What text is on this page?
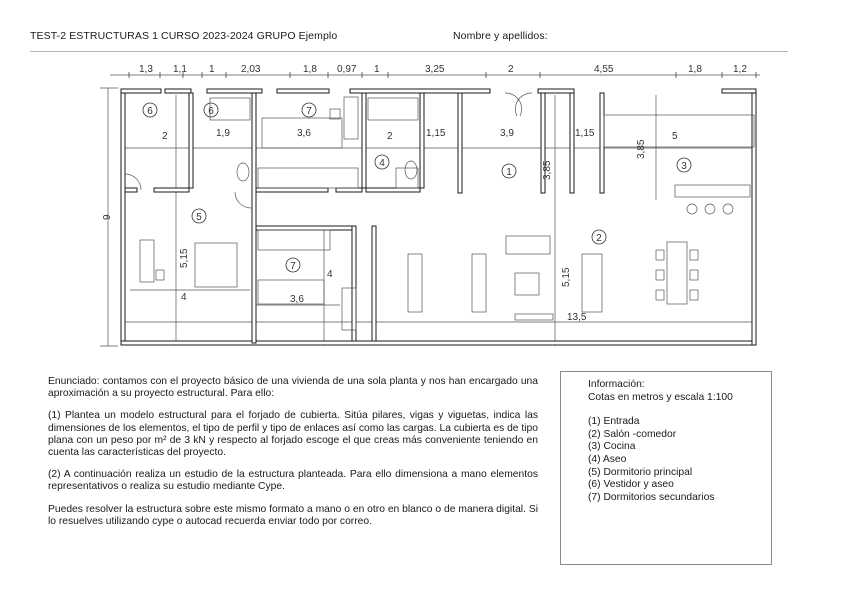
TEST-2 ESTRUCTURAS 1 CURSO 2023-2024 GRUPO Ejemplo	Nombre y apellidos:
1,3 1,1 1	2,03	1,8 0,97 1	3,25	2	4,55	1,8	1,2
9
13,5
2	1,9	3,6	2	1,15	3,9	1,15	5
3,85
3,85
5,15
4	3,6
4	5,15
6	6	7
4
1
3
5
2
7

Enunciado: contamos con el proyecto básico de una vivienda de una sola planta y nos han encargado una aproximación a su proyecto estructural. Para ello:

(1) Plantea un modelo estructural para el forjado de cubierta. Sitúa pilares, vigas y viguetas, indica las dimensiones de los elementos, el tipo de perfil y tipo de enlaces así como las cargas. La cubierta es de tipo plana con un peso por m² de 3 kN y respecto al forjado escoge el que creas más conveniente teniendo en cuenta las características del proyecto.

(2) A continuación realiza un estudio de la estructura planteada. Para ello dimensiona a mano elementos representativos o realiza su estudio mediante Cype.

Puedes resolver la estructura sobre este mismo formato a mano o en otro en blanco o de manera digital. Si lo resuelves utilizando cype o autocad recuerda enviar todo por correo.

Información:
Cotas en metros y escala 1:100
(1) Entrada
(2) Salón -comedor
(3) Cocina
(4) Aseo
(5) Dormitorio principal
(6) Vestidor y aseo
(7) Dormitorios secundarios
